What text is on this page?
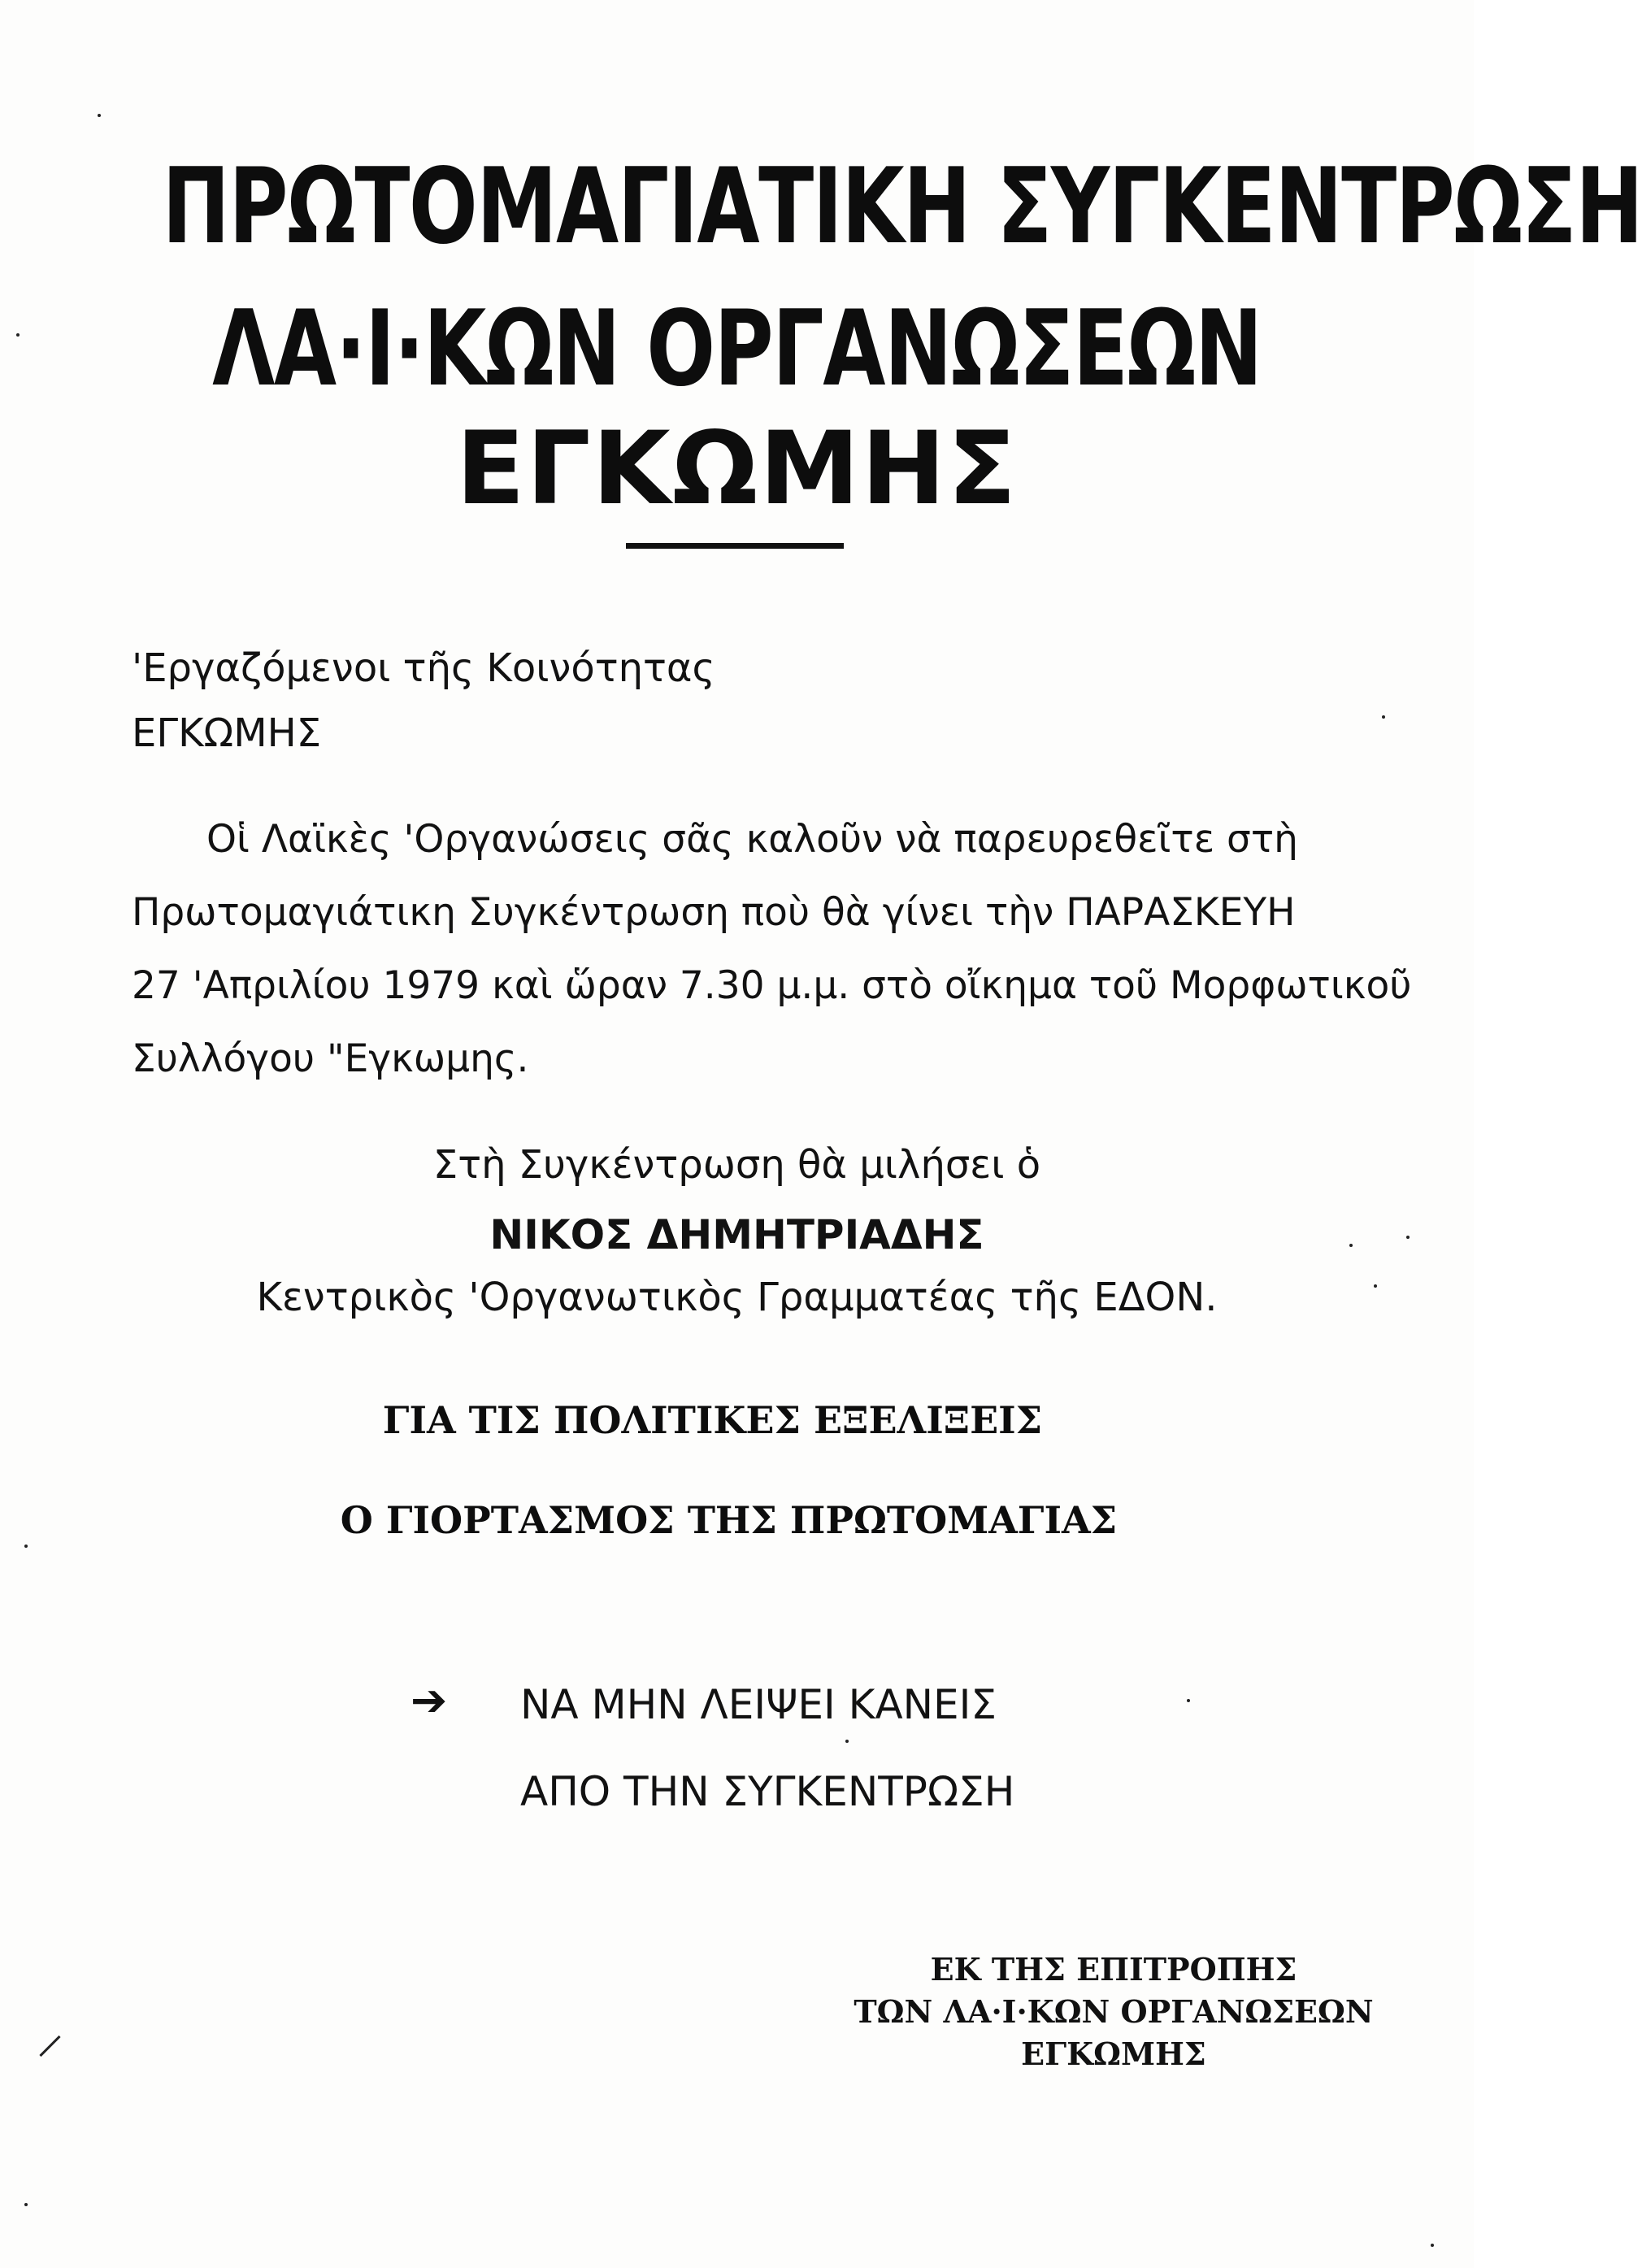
ΠΡΩΤΟΜΑΓΙΑΤΙΚΗ ΣΥΓΚΕΝΤΡΩΣΗ
ΛΑ·Ι·ΚΩΝ ΟΡΓΑΝΩΣΕΩΝ
ΕΓΚΩΜΗΣ
'Εργαζόμενοι τῆς Κοινότητας
ΕΓΚΩΜΗΣ
Οἱ Λαϊκὲς 'Οργανώσεις σᾶς καλοῦν νὰ παρευρεθεῖτε στὴ
Πρωτομαγιάτικη Συγκέντρωση ποὺ θὰ γίνει τὴν ΠΑΡΑΣΚΕΥΗ
27 'Απριλίου 1979 καὶ ὥραν 7.30 μ.μ. στὸ οἴκημα τοῦ Μορφωτικοῦ
Συλλόγου "Εγκωμης.
Στὴ Συγκέντρωση θὰ μιλήσει ὁ
ΝΙΚΟΣ ΔΗΜΗΤΡΙΑΔΗΣ
Κεντρικὸς 'Οργανωτικὸς Γραμματέας τῆς ΕΔΟΝ.
ΓΙΑ ΤΙΣ ΠΟΛΙΤΙΚΕΣ ΕΞΕΛΙΞΕΙΣ
Ο ΓΙΟΡΤΑΣΜΟΣ ΤΗΣ ΠΡΩΤΟΜΑΓΙΑΣ
➔ ΝΑ ΜΗΝ ΛΕΙΨΕΙ ΚΑΝΕΙΣ
ΑΠΟ ΤΗΝ ΣΥΓΚΕΝΤΡΩΣΗ
ΕΚ ΤΗΣ ΕΠΙΤΡΟΠΗΣ
ΤΩΝ ΛΑ·Ι·ΚΩΝ ΟΡΓΑΝΩΣΕΩΝ
ΕΓΚΩΜΗΣ
